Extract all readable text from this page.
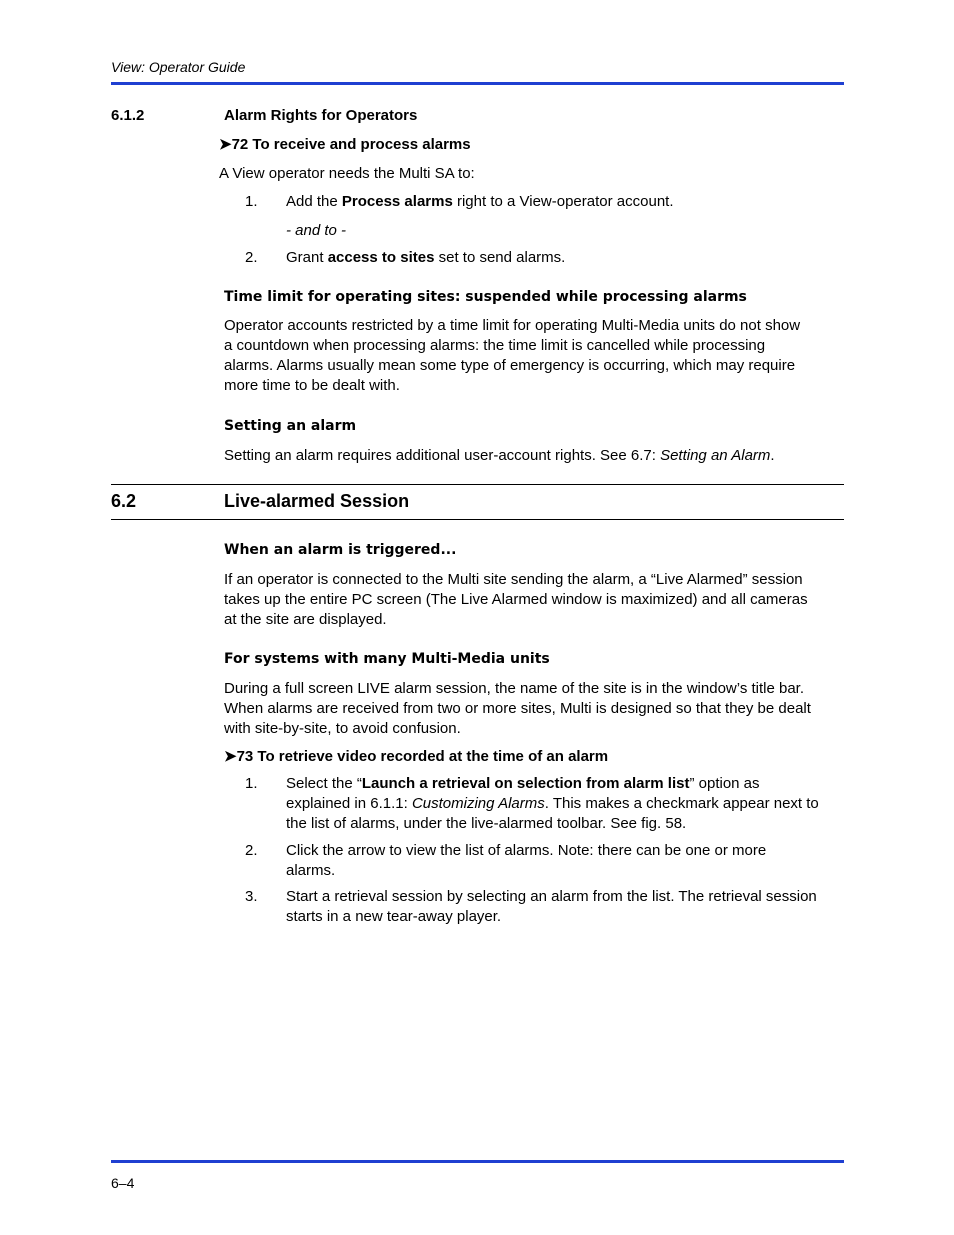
View: Operator Guide
6.1.2	Alarm Rights for Operators
➤72 To receive and process alarms
A View operator needs the Multi SA to:
1. Add the Process alarms right to a View-operator account.
- and to -
2. Grant access to sites set to send alarms.
Time limit for operating sites: suspended while processing alarms
Operator accounts restricted by a time limit for operating Multi-Media units do not show
a countdown when processing alarms: the time limit is cancelled while processing
alarms. Alarms usually mean some type of emergency is occurring, which may require
more time to be dealt with.
Setting an alarm
Setting an alarm requires additional user-account rights. See 6.7: Setting an Alarm.
6.2	Live-alarmed Session
When an alarm is triggered...
If an operator is connected to the Multi site sending the alarm, a “Live Alarmed” session
takes up the entire PC screen (The Live Alarmed window is maximized) and all cameras
at the site are displayed.
For systems with many Multi-Media units
During a full screen LIVE alarm session, the name of the site is in the window’s title bar.
When alarms are received from two or more sites, Multi is designed so that they be dealt
with site-by-site, to avoid confusion.
➤73 To retrieve video recorded at the time of an alarm
1. Select the “Launch a retrieval on selection from alarm list” option as
explained in 6.1.1: Customizing Alarms. This makes a checkmark appear next to
the list of alarms, under the live-alarmed toolbar. See fig. 58.
2. Click the arrow to view the list of alarms. Note: there can be one or more
alarms.
3. Start a retrieval session by selecting an alarm from the list. The retrieval session
starts in a new tear-away player.
6–4
